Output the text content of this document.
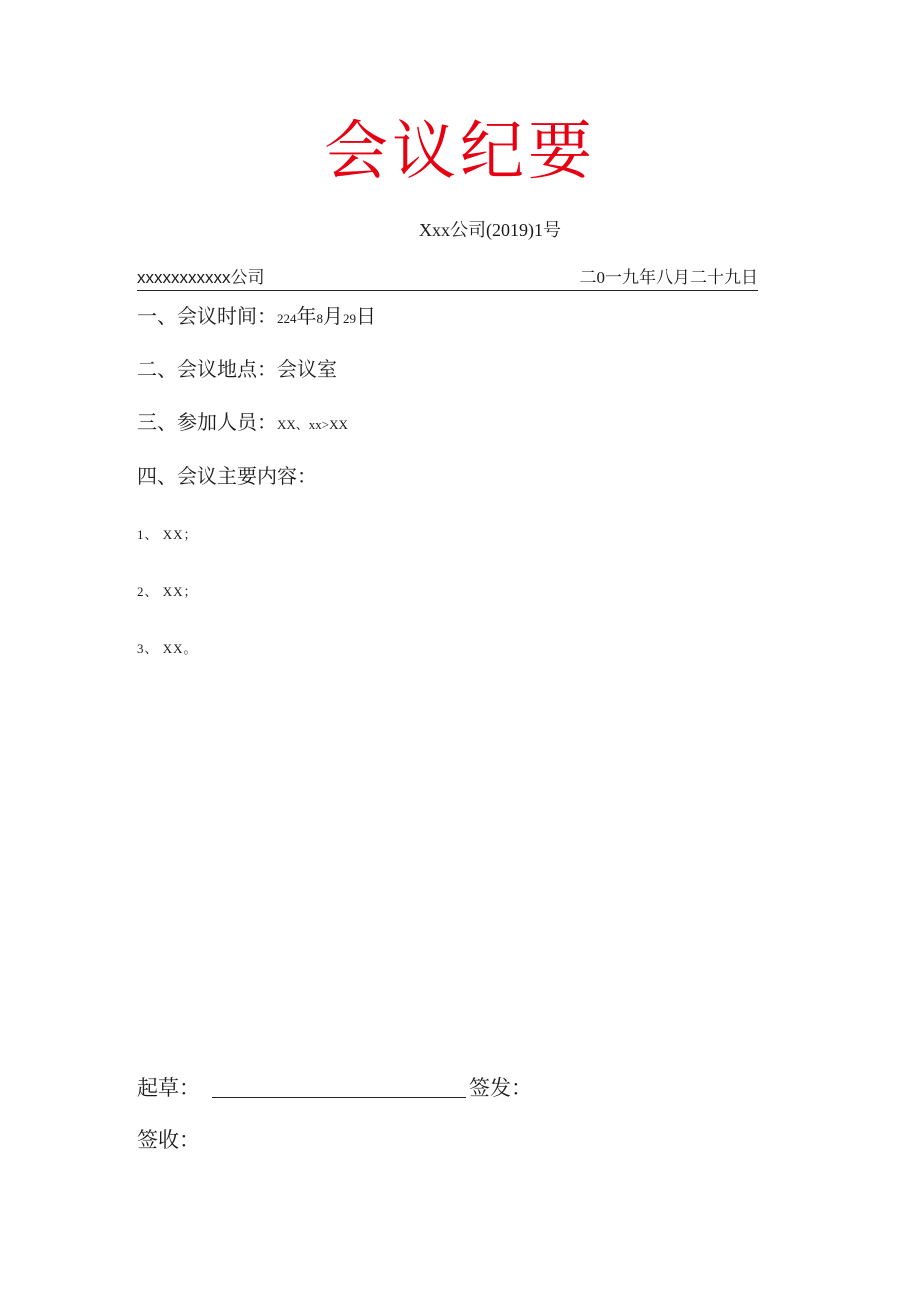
会议纪要
Xxx公司(2019)1号
xxxxxxxxxxx公司	二0一九年八月二十九日
一、会议时间：224年8月29日
二、会议地点：会议室
三、参加人员：XX、xx>XX
四、会议主要内容：
1、 XX；
2、 XX；
3、 XX。
起草：	签发：
签收：
